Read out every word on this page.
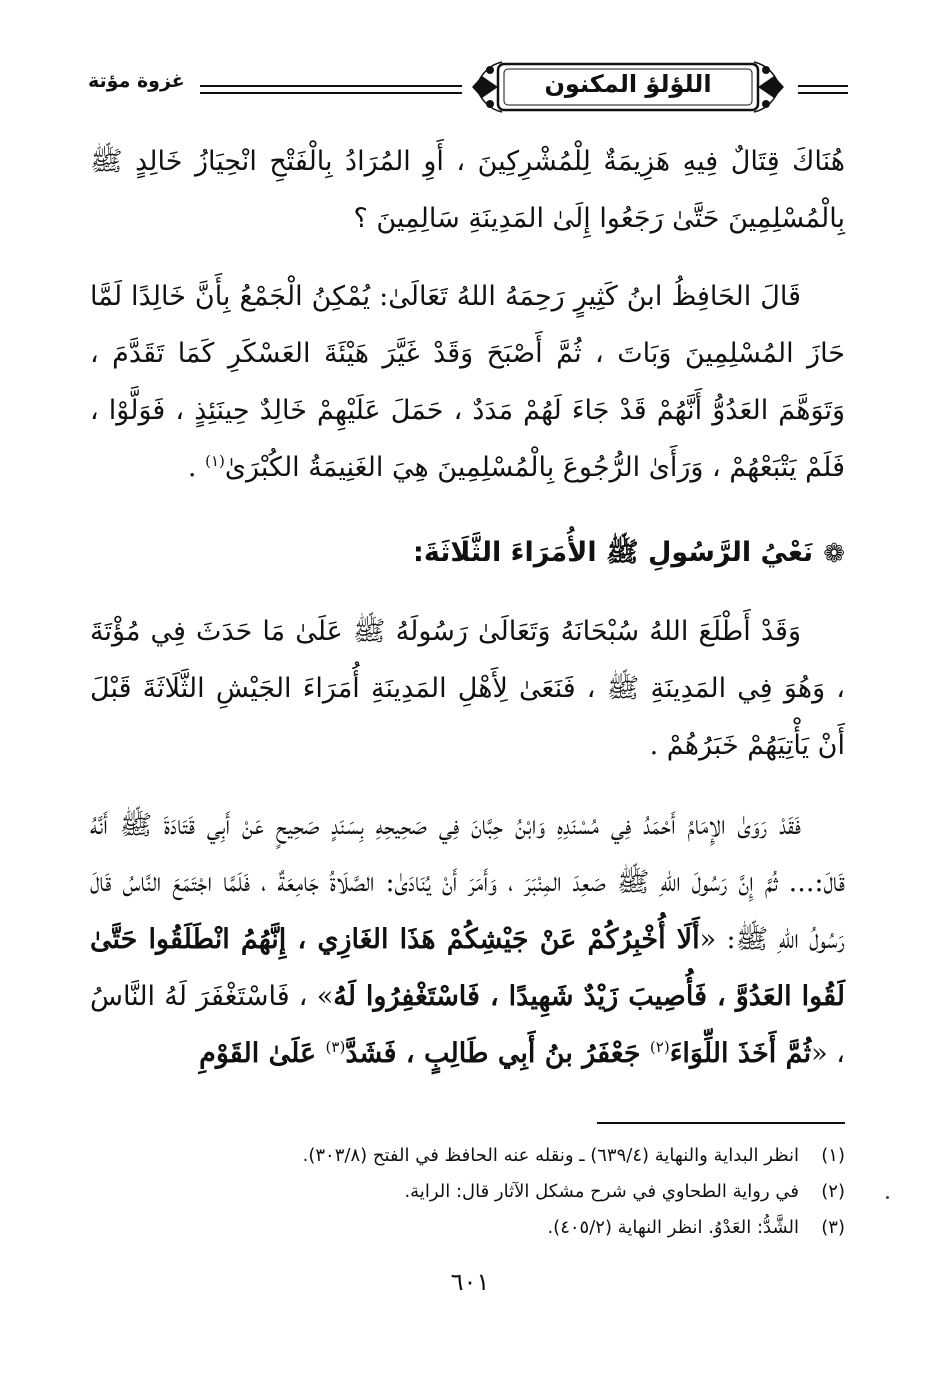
اللؤلؤ المكنون
غزوة مؤتة
هُنَاكَ قِتَالٌ فِيهِ هَزِيمَةٌ لِلْمُشْرِكِينَ ، أَوِ المُرَادُ بِالْفَتْحِ انْحِيَازُ خَالِدٍ ﷺ بِالْمُسْلِمِينَ حَتَّىٰ رَجَعُوا إِلَىٰ المَدِينَةِ سَالِمِينَ ؟
قَالَ الحَافِظُ ابنُ كَثِيرٍ رَحِمَهُ اللهُ تَعَالَىٰ: يُمْكِنُ الْجَمْعُ بِأَنَّ خَالِدًا لَمَّا حَازَ المُسْلِمِينَ وَبَاتَ ، ثُمَّ أَصْبَحَ وَقَدْ غَيَّرَ هَيْئَةَ العَسْكَرِ كَمَا تَقَدَّمَ ، وَتَوَهَّمَ العَدُوُّ أَنَّهُمْ قَدْ جَاءَ لَهُمْ مَدَدٌ ، حَمَلَ عَلَيْهِمْ خَالِدٌ حِينَئِذٍ ، فَوَلَّوْا ، فَلَمْ يَتْبَعْهُمْ ، وَرَأَىٰ الرُّجُوعَ بِالْمُسْلِمِينَ هِيَ الغَنِيمَةُ الكُبْرَىٰ$^{(١)}$ .
❁نَعْيُ الرَّسُولِ ﷺ الأُمَرَاءَ الثَّلَاثَةَ:
وَقَدْ أَطْلَعَ اللهُ سُبْحَانَهُ وَتَعَالَىٰ رَسُولَهُ ﷺ عَلَىٰ مَا حَدَثَ فِي مُؤْتَةَ ، وَهُوَ فِي المَدِينَةِ ﷺ ، فَنَعَىٰ لِأَهْلِ المَدِينَةِ أُمَرَاءَ الجَيْشِ الثَّلَاثَةَ قَبْلَ أَنْ يَأْتِيَهُمْ خَبَرُهُمْ .
فَقَدْ رَوَىٰ الإِمَامُ أَحْمَدُ فِي مُسْنَدِهِ وَابْنُ حِبَّانَ فِي صَحِيحِهِ بِسَنَدٍ صَحِيحٍ عَنْ أَبِي قَتَادَةَ ﷺ أَنَّهُ قَالَ:... ثُمَّ إِنَّ رَسُولَ اللهِ ﷺ صَعِدَ المِنْبَرَ ، وَأَمَرَ أَنْ يُنَادَىٰ: الصَّلَاةُ جَامِعَةٌ ، فَلَمَّا اجْتَمَعَ النَّاسُ قَالَ رَسُولُ اللهِ ﷺ: «أَلَا أُخْبِرُكُمْ عَنْ جَيْشِكُمْ هَذَا الغَازِي ، إِنَّهُمُ انْطَلَقُوا حَتَّىٰ لَقُوا العَدُوَّ ، فَأُصِيبَ زَيْدٌ شَهِيدًا ، فَاسْتَغْفِرُوا لَهُ» ، فَاسْتَغْفَرَ لَهُ النَّاسُ ، «ثُمَّ أَخَذَ اللِّوَاءَ$^{(٢)}$ جَعْفَرُ بنُ أَبِي طَالِبٍ ، فَشَدَّ$^{(٣)}$ عَلَىٰ القَوْمِ
(١)انظر البداية والنهاية (٦٣٩/٤) ـ ونقله عنه الحافظ في الفتح (٣٠٣/٨).
(٢)في رواية الطحاوي في شرح مشكل الآثار قال: الراية.
(٣)الشَّدُّ: العَدْوُ. انظر النهاية (٤٠٥/٢).
٦٠١
